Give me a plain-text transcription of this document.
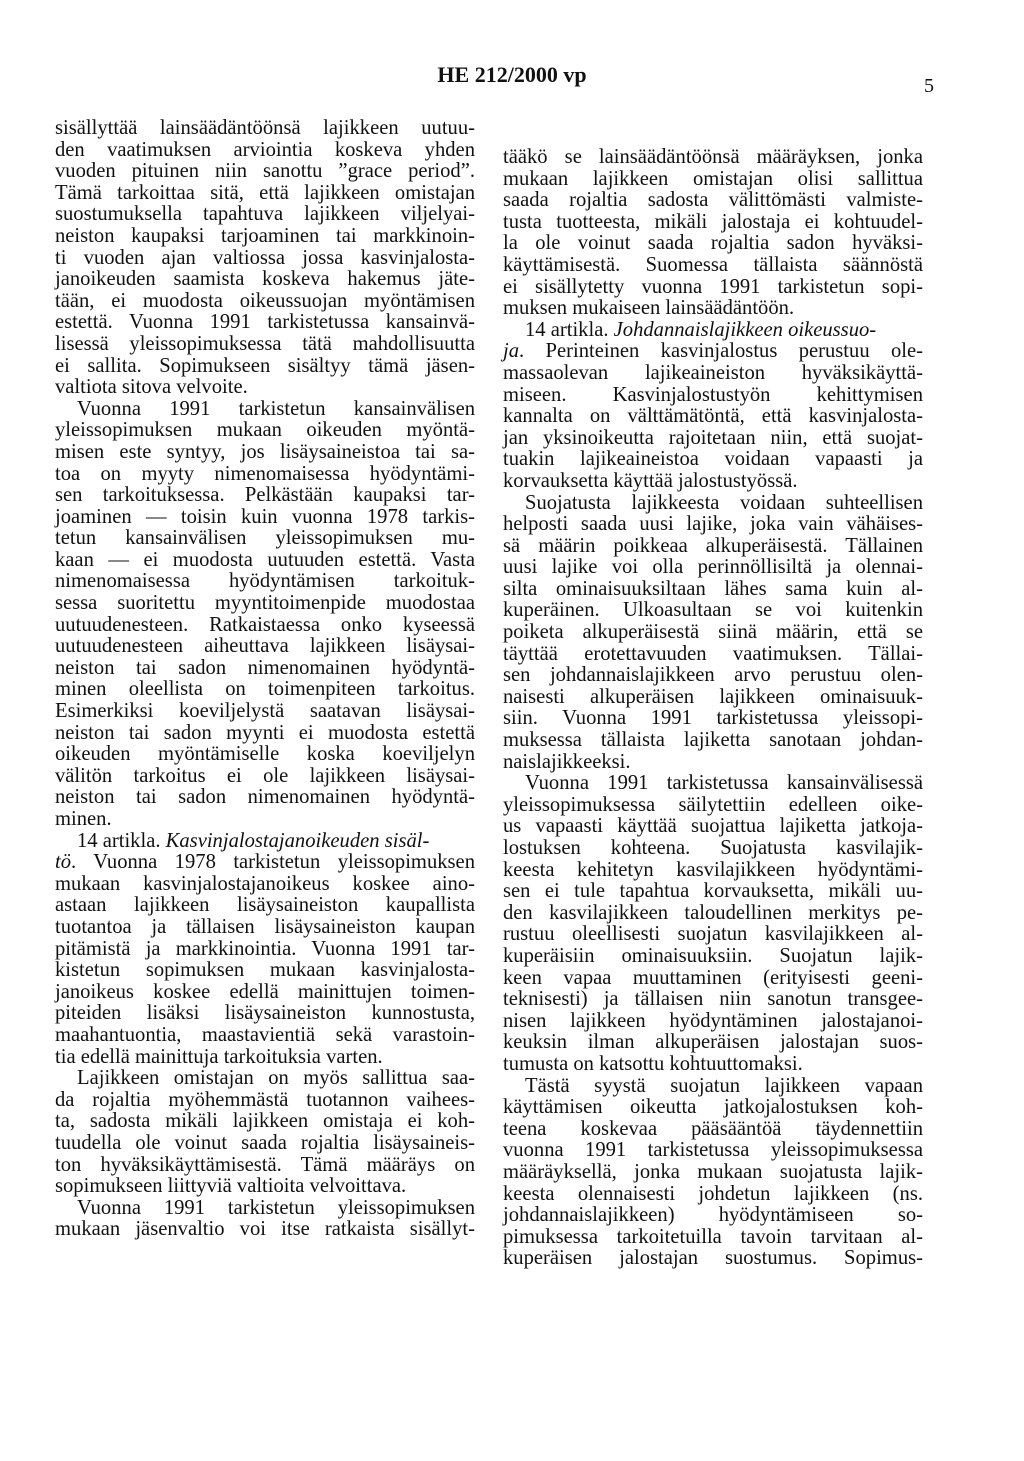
HE 212/2000 vp	5
sisällyttää lainsäädäntöönsä lajikkeen uutuu-
den vaatimuksen arviointia koskeva yhden
vuoden pituinen niin sanottu ”grace period”.
Tämä tarkoittaa sitä, että lajikkeen omistajan
suostumuksella tapahtuva lajikkeen viljelyai-
neiston kaupaksi tarjoaminen tai markkinoin-
ti vuoden ajan valtiossa jossa kasvinjalosta-
janoikeuden saamista koskeva hakemus jäte-
tään, ei muodosta oikeussuojan myöntämisen
estettä. Vuonna 1991 tarkistetussa kansainvä-
lisessä yleissopimuksessa tätä mahdollisuutta
ei sallita. Sopimukseen sisältyy tämä jäsen-
valtiota sitova velvoite.
Vuonna 1991 tarkistetun kansainvälisen
yleissopimuksen mukaan oikeuden myöntä-
misen este syntyy, jos lisäysaineistoa tai sa-
toa on myyty nimenomaisessa hyödyntämi-
sen tarkoituksessa. Pelkästään kaupaksi tar-
joaminen — toisin kuin vuonna 1978 tarkis-
tetun kansainvälisen yleissopimuksen mu-
kaan — ei muodosta uutuuden estettä. Vasta
nimenomaisessa hyödyntämisen tarkoituk-
sessa suoritettu myyntitoimenpide muodostaa
uutuudenesteen. Ratkaistaessa onko kyseessä
uutuudenesteen aiheuttava lajikkeen lisäysai-
neiston tai sadon nimenomainen hyödyntä-
minen oleellista on toimenpiteen tarkoitus.
Esimerkiksi koeviljelystä saatavan lisäysai-
neiston tai sadon myynti ei muodosta estettä
oikeuden myöntämiselle koska koeviljelyn
välitön tarkoitus ei ole lajikkeen lisäysai-
neiston tai sadon nimenomainen hyödyntä-
minen.
14 artikla. Kasvinjalostajanoikeuden sisäl-
tö. Vuonna 1978 tarkistetun yleissopimuksen
mukaan kasvinjalostajanoikeus koskee aino-
astaan lajikkeen lisäysaineiston kaupallista
tuotantoa ja tällaisen lisäysaineiston kaupan
pitämistä ja markkinointia. Vuonna 1991 tar-
kistetun sopimuksen mukaan kasvinjalosta-
janoikeus koskee edellä mainittujen toimen-
piteiden lisäksi lisäysaineiston kunnostusta,
maahantuontia, maastavientiä sekä varastoin-
tia edellä mainittuja tarkoituksia varten.
Lajikkeen omistajan on myös sallittua saa-
da rojaltia myöhemmästä tuotannon vaihees-
ta, sadosta mikäli lajikkeen omistaja ei koh-
tuudella ole voinut saada rojaltia lisäysaineis-
ton hyväksikäyttämisestä. Tämä määräys on
sopimukseen liittyviä valtioita velvoittava.
Vuonna 1991 tarkistetun yleissopimuksen
mukaan jäsenvaltio voi itse ratkaista sisällyt-
tääkö se lainsäädäntöönsä määräyksen, jonka
mukaan lajikkeen omistajan olisi sallittua
saada rojaltia sadosta välittömästi valmiste-
tusta tuotteesta, mikäli jalostaja ei kohtuudel-
la ole voinut saada rojaltia sadon hyväksi-
käyttämisestä. Suomessa tällaista säännöstä
ei sisällytetty vuonna 1991 tarkistetun sopi-
muksen mukaiseen lainsäädäntöön.
14 artikla. Johdannaislajikkeen oikeussuo-
ja. Perinteinen kasvinjalostus perustuu ole-
massaolevan lajikeaineiston hyväksikäyttä-
miseen. Kasvinjalostustyön kehittymisen
kannalta on välttämätöntä, että kasvinjalosta-
jan yksinoikeutta rajoitetaan niin, että suojat-
tuakin lajikeaineistoa voidaan vapaasti ja
korvauksetta käyttää jalostustyössä.
Suojatusta lajikkeesta voidaan suhteellisen
helposti saada uusi lajike, joka vain vähäises-
sä määrin poikkeaa alkuperäisestä. Tällainen
uusi lajike voi olla perinnöllisiltä ja olennai-
silta ominaisuuksiltaan lähes sama kuin al-
kuperäinen. Ulkoasultaan se voi kuitenkin
poiketa alkuperäisestä siinä määrin, että se
täyttää erotettavuuden vaatimuksen. Tällai-
sen johdannaislajikkeen arvo perustuu olen-
naisesti alkuperäisen lajikkeen ominaisuuk-
siin. Vuonna 1991 tarkistetussa yleissopi-
muksessa tällaista lajiketta sanotaan johdan-
naislajikkeeksi.
Vuonna 1991 tarkistetussa kansainvälisessä
yleissopimuksessa säilytettiin edelleen oike-
us vapaasti käyttää suojattua lajiketta jatkoja-
lostuksen kohteena. Suojatusta kasvilajik-
keesta kehitetyn kasvilajikkeen hyödyntämi-
sen ei tule tapahtua korvauksetta, mikäli uu-
den kasvilajikkeen taloudellinen merkitys pe-
rustuu oleellisesti suojatun kasvilajikkeen al-
kuperäisiin ominaisuuksiin. Suojatun lajik-
keen vapaa muuttaminen (erityisesti geeni-
teknisesti) ja tällaisen niin sanotun transgee-
nisen lajikkeen hyödyntäminen jalostajanoi-
keuksin ilman alkuperäisen jalostajan suos-
tumusta on katsottu kohtuuttomaksi.
Tästä syystä suojatun lajikkeen vapaan
käyttämisen oikeutta jatkojalostuksen koh-
teena koskevaa pääsääntöä täydennettiin
vuonna 1991 tarkistetussa yleissopimuksessa
määräyksellä, jonka mukaan suojatusta lajik-
keesta olennaisesti johdetun lajikkeen (ns.
johdannaislajikkeen) hyödyntämiseen so-
pimuksessa tarkoitetuilla tavoin tarvitaan al-
kuperäisen jalostajan suostumus. Sopimus-
